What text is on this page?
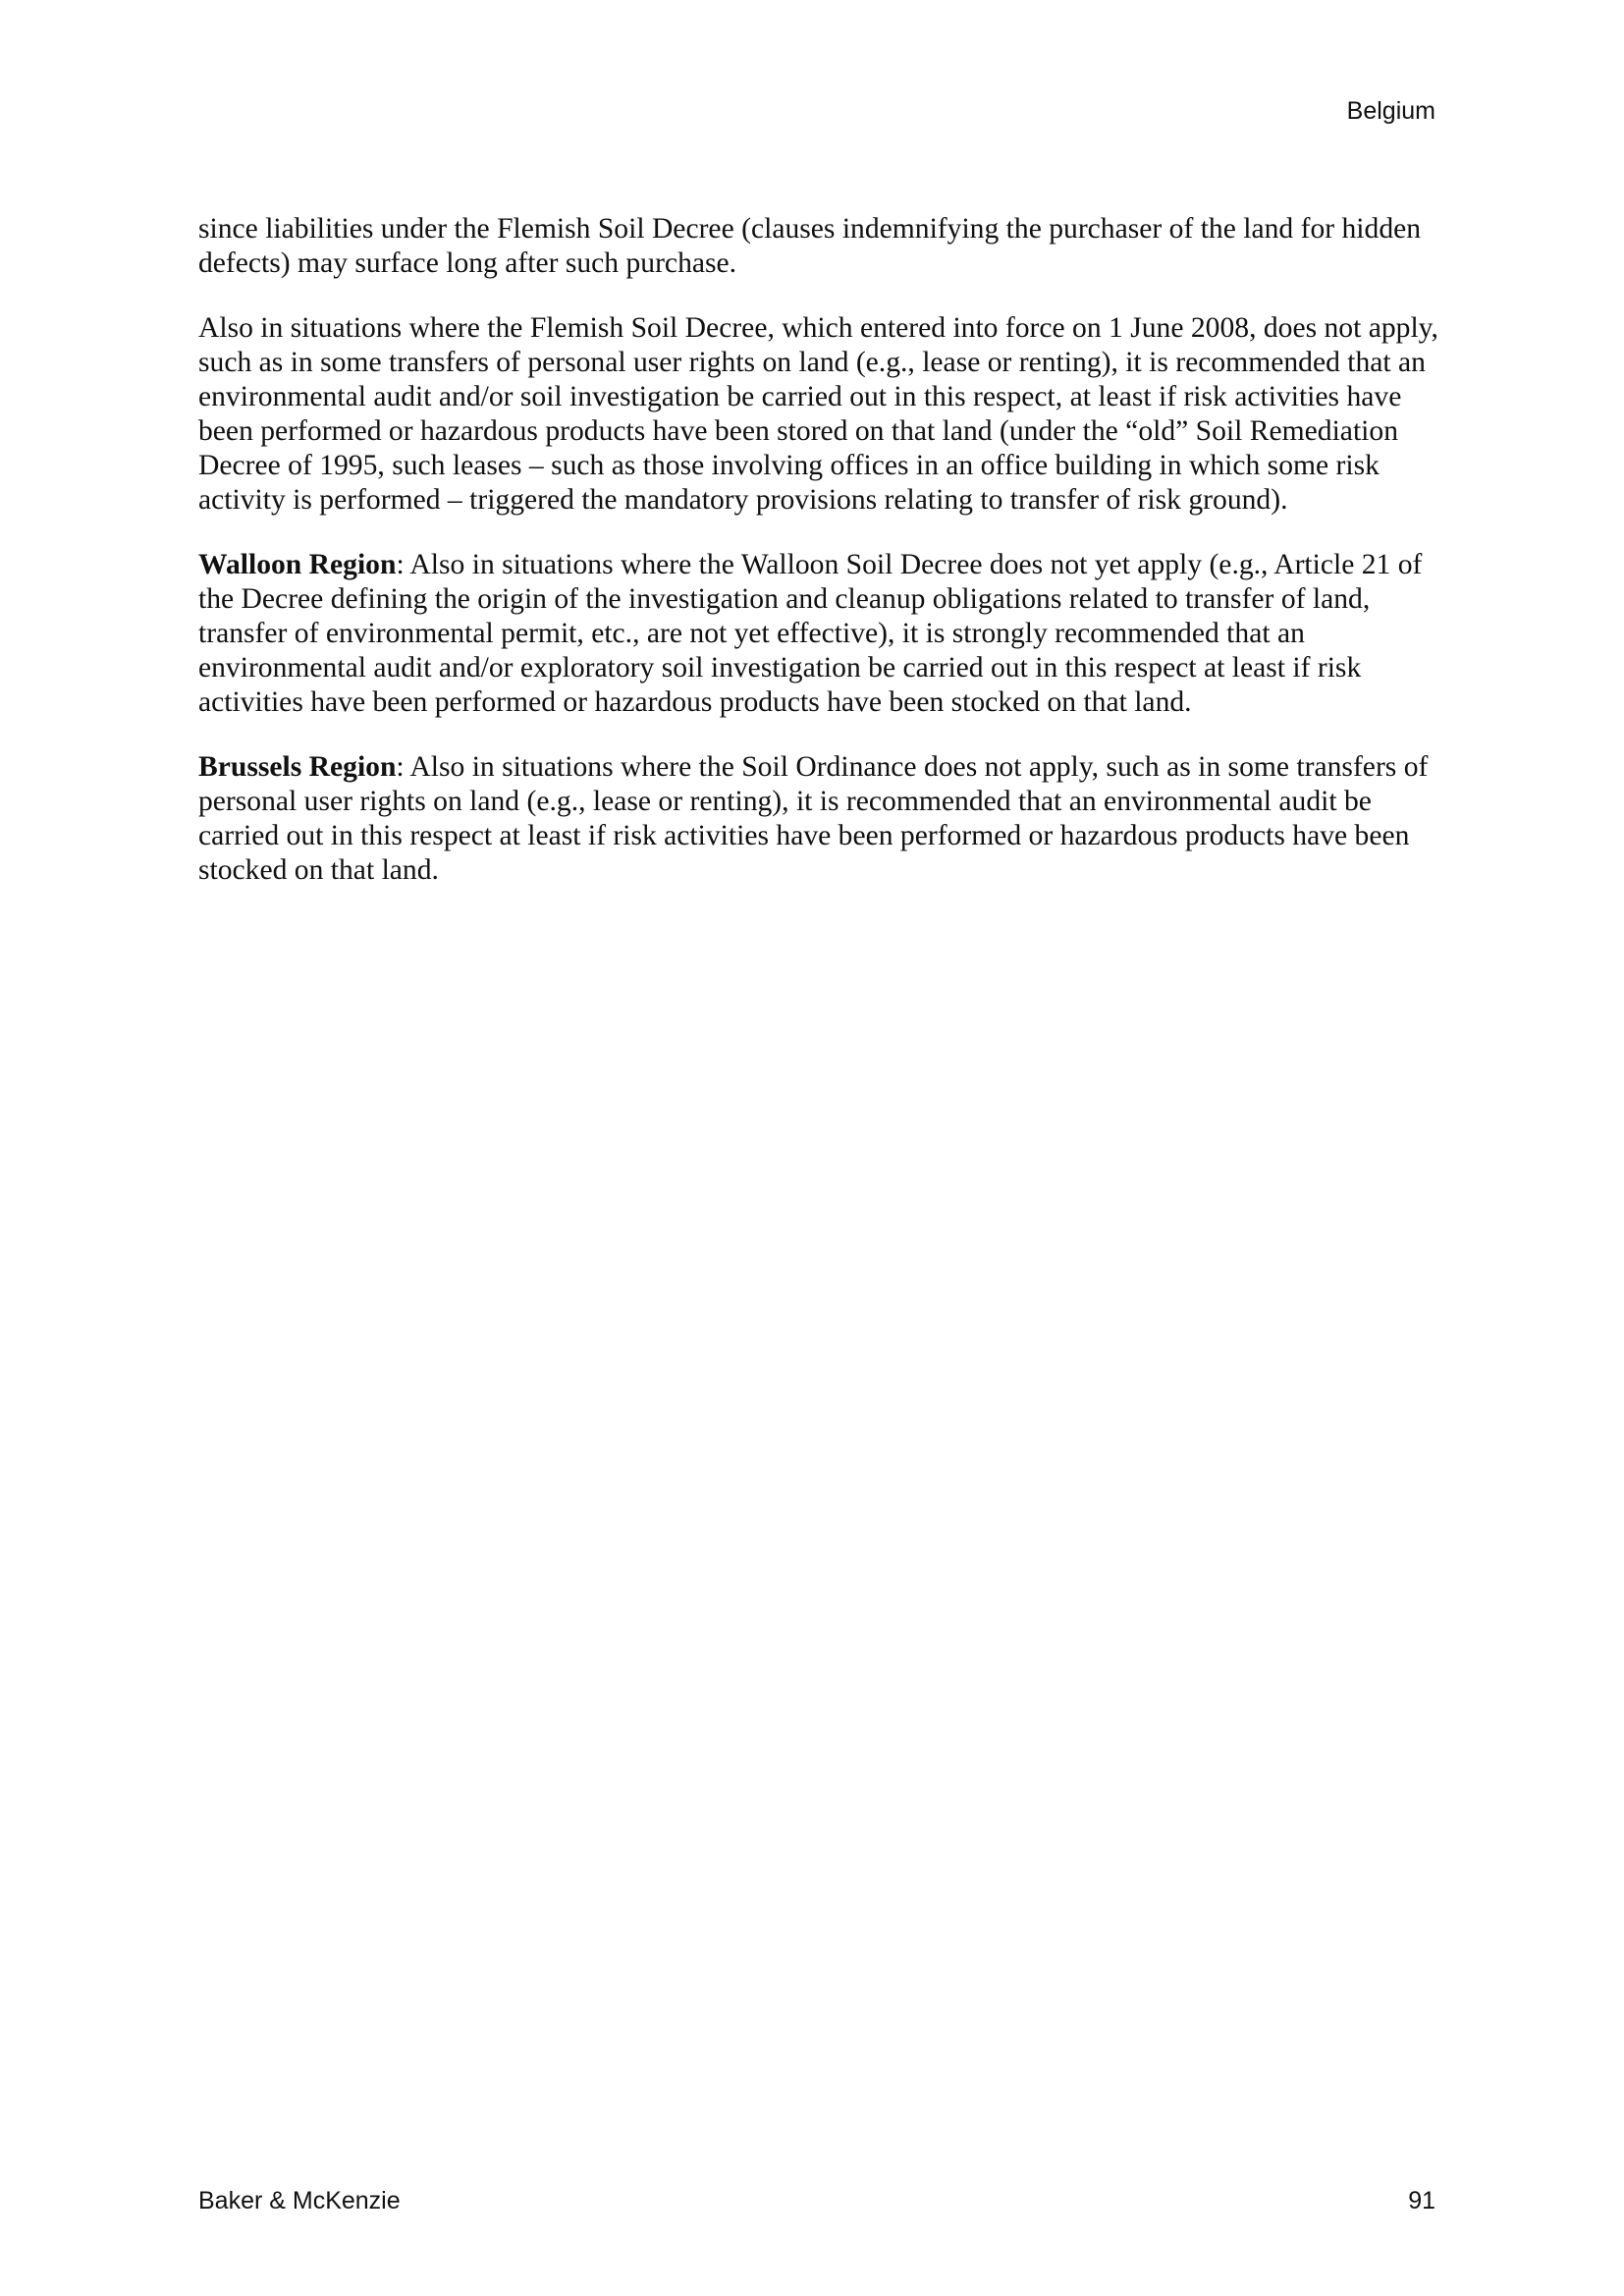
Belgium

since liabilities under the Flemish Soil Decree (clauses indemnifying the purchaser of the land for hidden defects) may surface long after such purchase.

Also in situations where the Flemish Soil Decree, which entered into force on 1 June 2008, does not apply, such as in some transfers of personal user rights on land (e.g., lease or renting), it is recommended that an environmental audit and/or soil investigation be carried out in this respect, at least if risk activities have been performed or hazardous products have been stored on that land (under the “old” Soil Remediation Decree of 1995, such leases – such as those involving offices in an office building in which some risk activity is performed – triggered the mandatory provisions relating to transfer of risk ground).

Walloon Region: Also in situations where the Walloon Soil Decree does not yet apply (e.g., Article 21 of the Decree defining the origin of the investigation and cleanup obligations related to transfer of land, transfer of environmental permit, etc., are not yet effective), it is strongly recommended that an environmental audit and/or exploratory soil investigation be carried out in this respect at least if risk activities have been performed or hazardous products have been stocked on that land.

Brussels Region: Also in situations where the Soil Ordinance does not apply, such as in some transfers of personal user rights on land (e.g., lease or renting), it is recommended that an environmental audit be carried out in this respect at least if risk activities have been performed or hazardous products have been stocked on that land.

Baker & McKenzie	91
